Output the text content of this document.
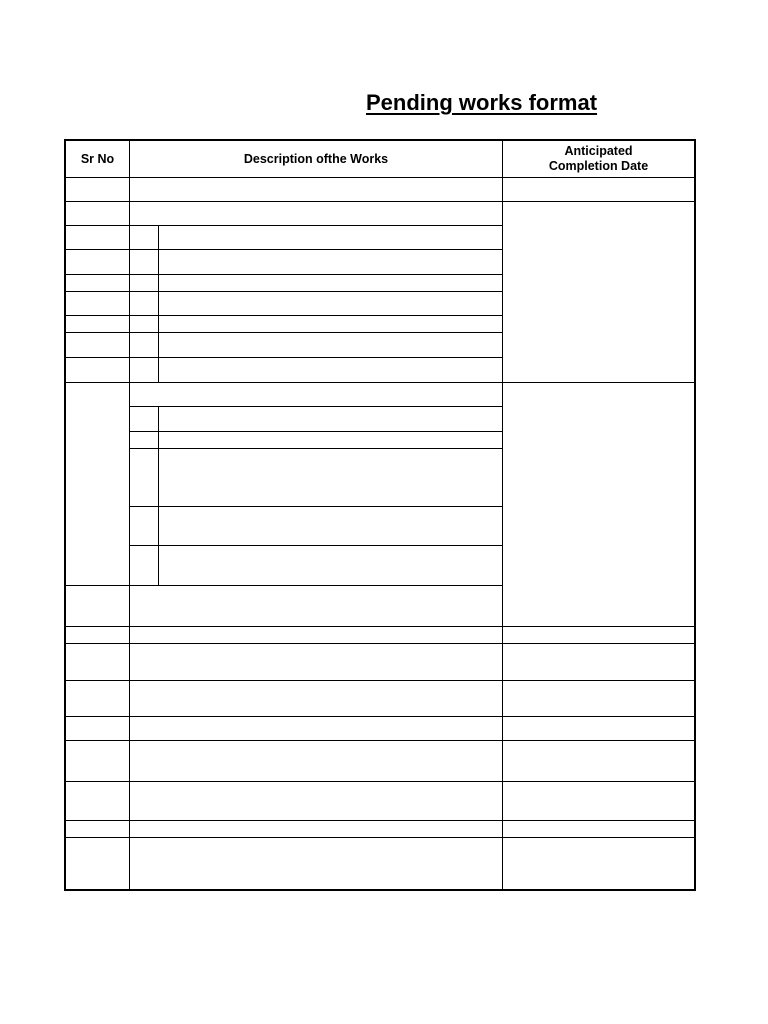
Pending works format
Sr No	Description ofthe Works
Anticipated
Completion Date
